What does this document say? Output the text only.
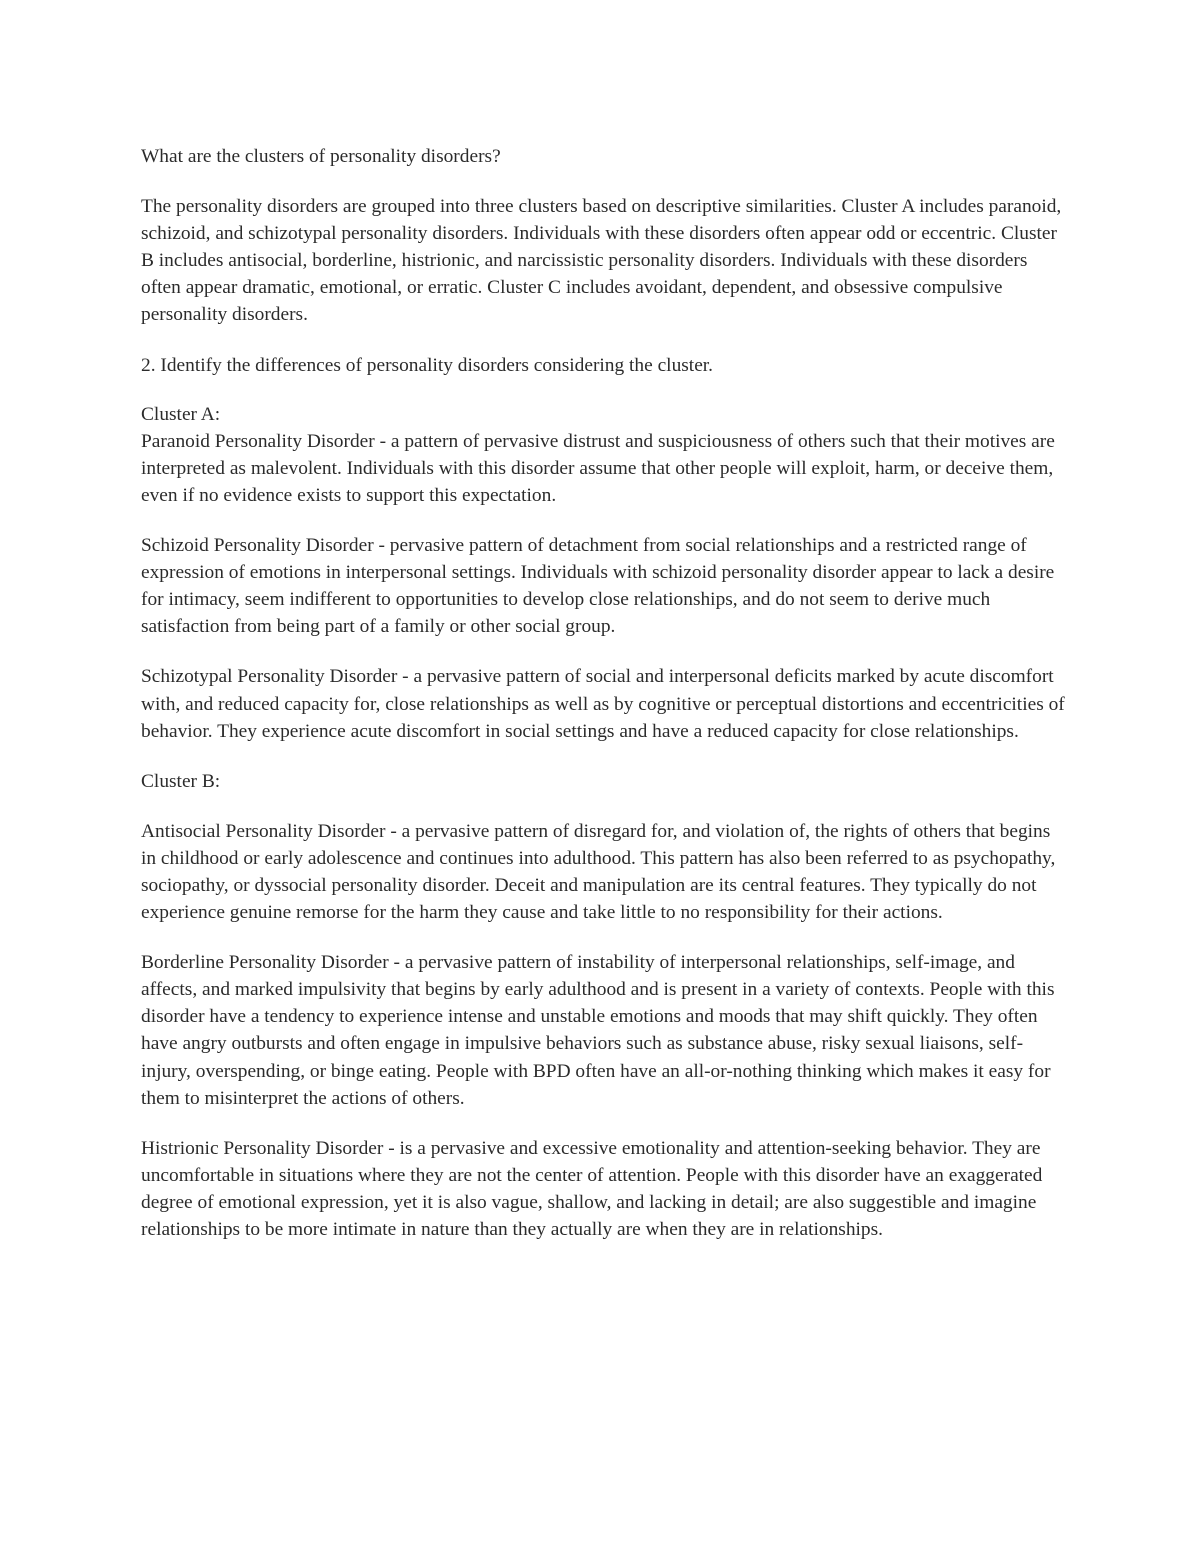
What are the clusters of personality disorders?

The personality disorders are grouped into three clusters based on descriptive similarities. Cluster A includes paranoid, schizoid, and schizotypal personality disorders. Individuals with these disorders often appear odd or eccentric. Cluster B includes antisocial, borderline, histrionic, and narcissistic personality disorders. Individuals with these disorders often appear dramatic, emotional, or erratic. Cluster C includes avoidant, dependent, and obsessive compulsive personality disorders.

2. Identify the differences of personality disorders considering the cluster.

Cluster A:

Paranoid Personality Disorder - a pattern of pervasive distrust and suspiciousness of others such that their motives are interpreted as malevolent. Individuals with this disorder assume that other people will exploit, harm, or deceive them, even if no evidence exists to support this expectation.

Schizoid Personality Disorder - pervasive pattern of detachment from social relationships and a restricted range of expression of emotions in interpersonal settings. Individuals with schizoid personality disorder appear to lack a desire for intimacy, seem indifferent to opportunities to develop close relationships, and do not seem to derive much satisfaction from being part of a family or other social group.

Schizotypal Personality Disorder - a pervasive pattern of social and interpersonal deficits marked by acute discomfort with, and reduced capacity for, close relationships as well as by cognitive or perceptual distortions and eccentricities of behavior. They experience acute discomfort in social settings and have a reduced capacity for close relationships.

Cluster B:

Antisocial Personality Disorder - a pervasive pattern of disregard for, and violation of, the rights of others that begins in childhood or early adolescence and continues into adulthood. This pattern has also been referred to as psychopathy, sociopathy, or dyssocial personality disorder. Deceit and manipulation are its central features. They typically do not experience genuine remorse for the harm they cause and take little to no responsibility for their actions.

Borderline Personality Disorder - a pervasive pattern of instability of interpersonal relationships, self-image, and affects, and marked impulsivity that begins by early adulthood and is present in a variety of contexts. People with this disorder have a tendency to experience intense and unstable emotions and moods that may shift quickly. They often have angry outbursts and often engage in impulsive behaviors such as substance abuse, risky sexual liaisons, self-injury, overspending, or binge eating. People with BPD often have an all-or-nothing thinking which makes it easy for them to misinterpret the actions of others.

Histrionic Personality Disorder - is a pervasive and excessive emotionality and attention-seeking behavior. They are uncomfortable in situations where they are not the center of attention. People with this disorder have an exaggerated degree of emotional expression, yet it is also vague, shallow, and lacking in detail; are also suggestible and imagine relationships to be more intimate in nature than they actually are when they are in relationships.
